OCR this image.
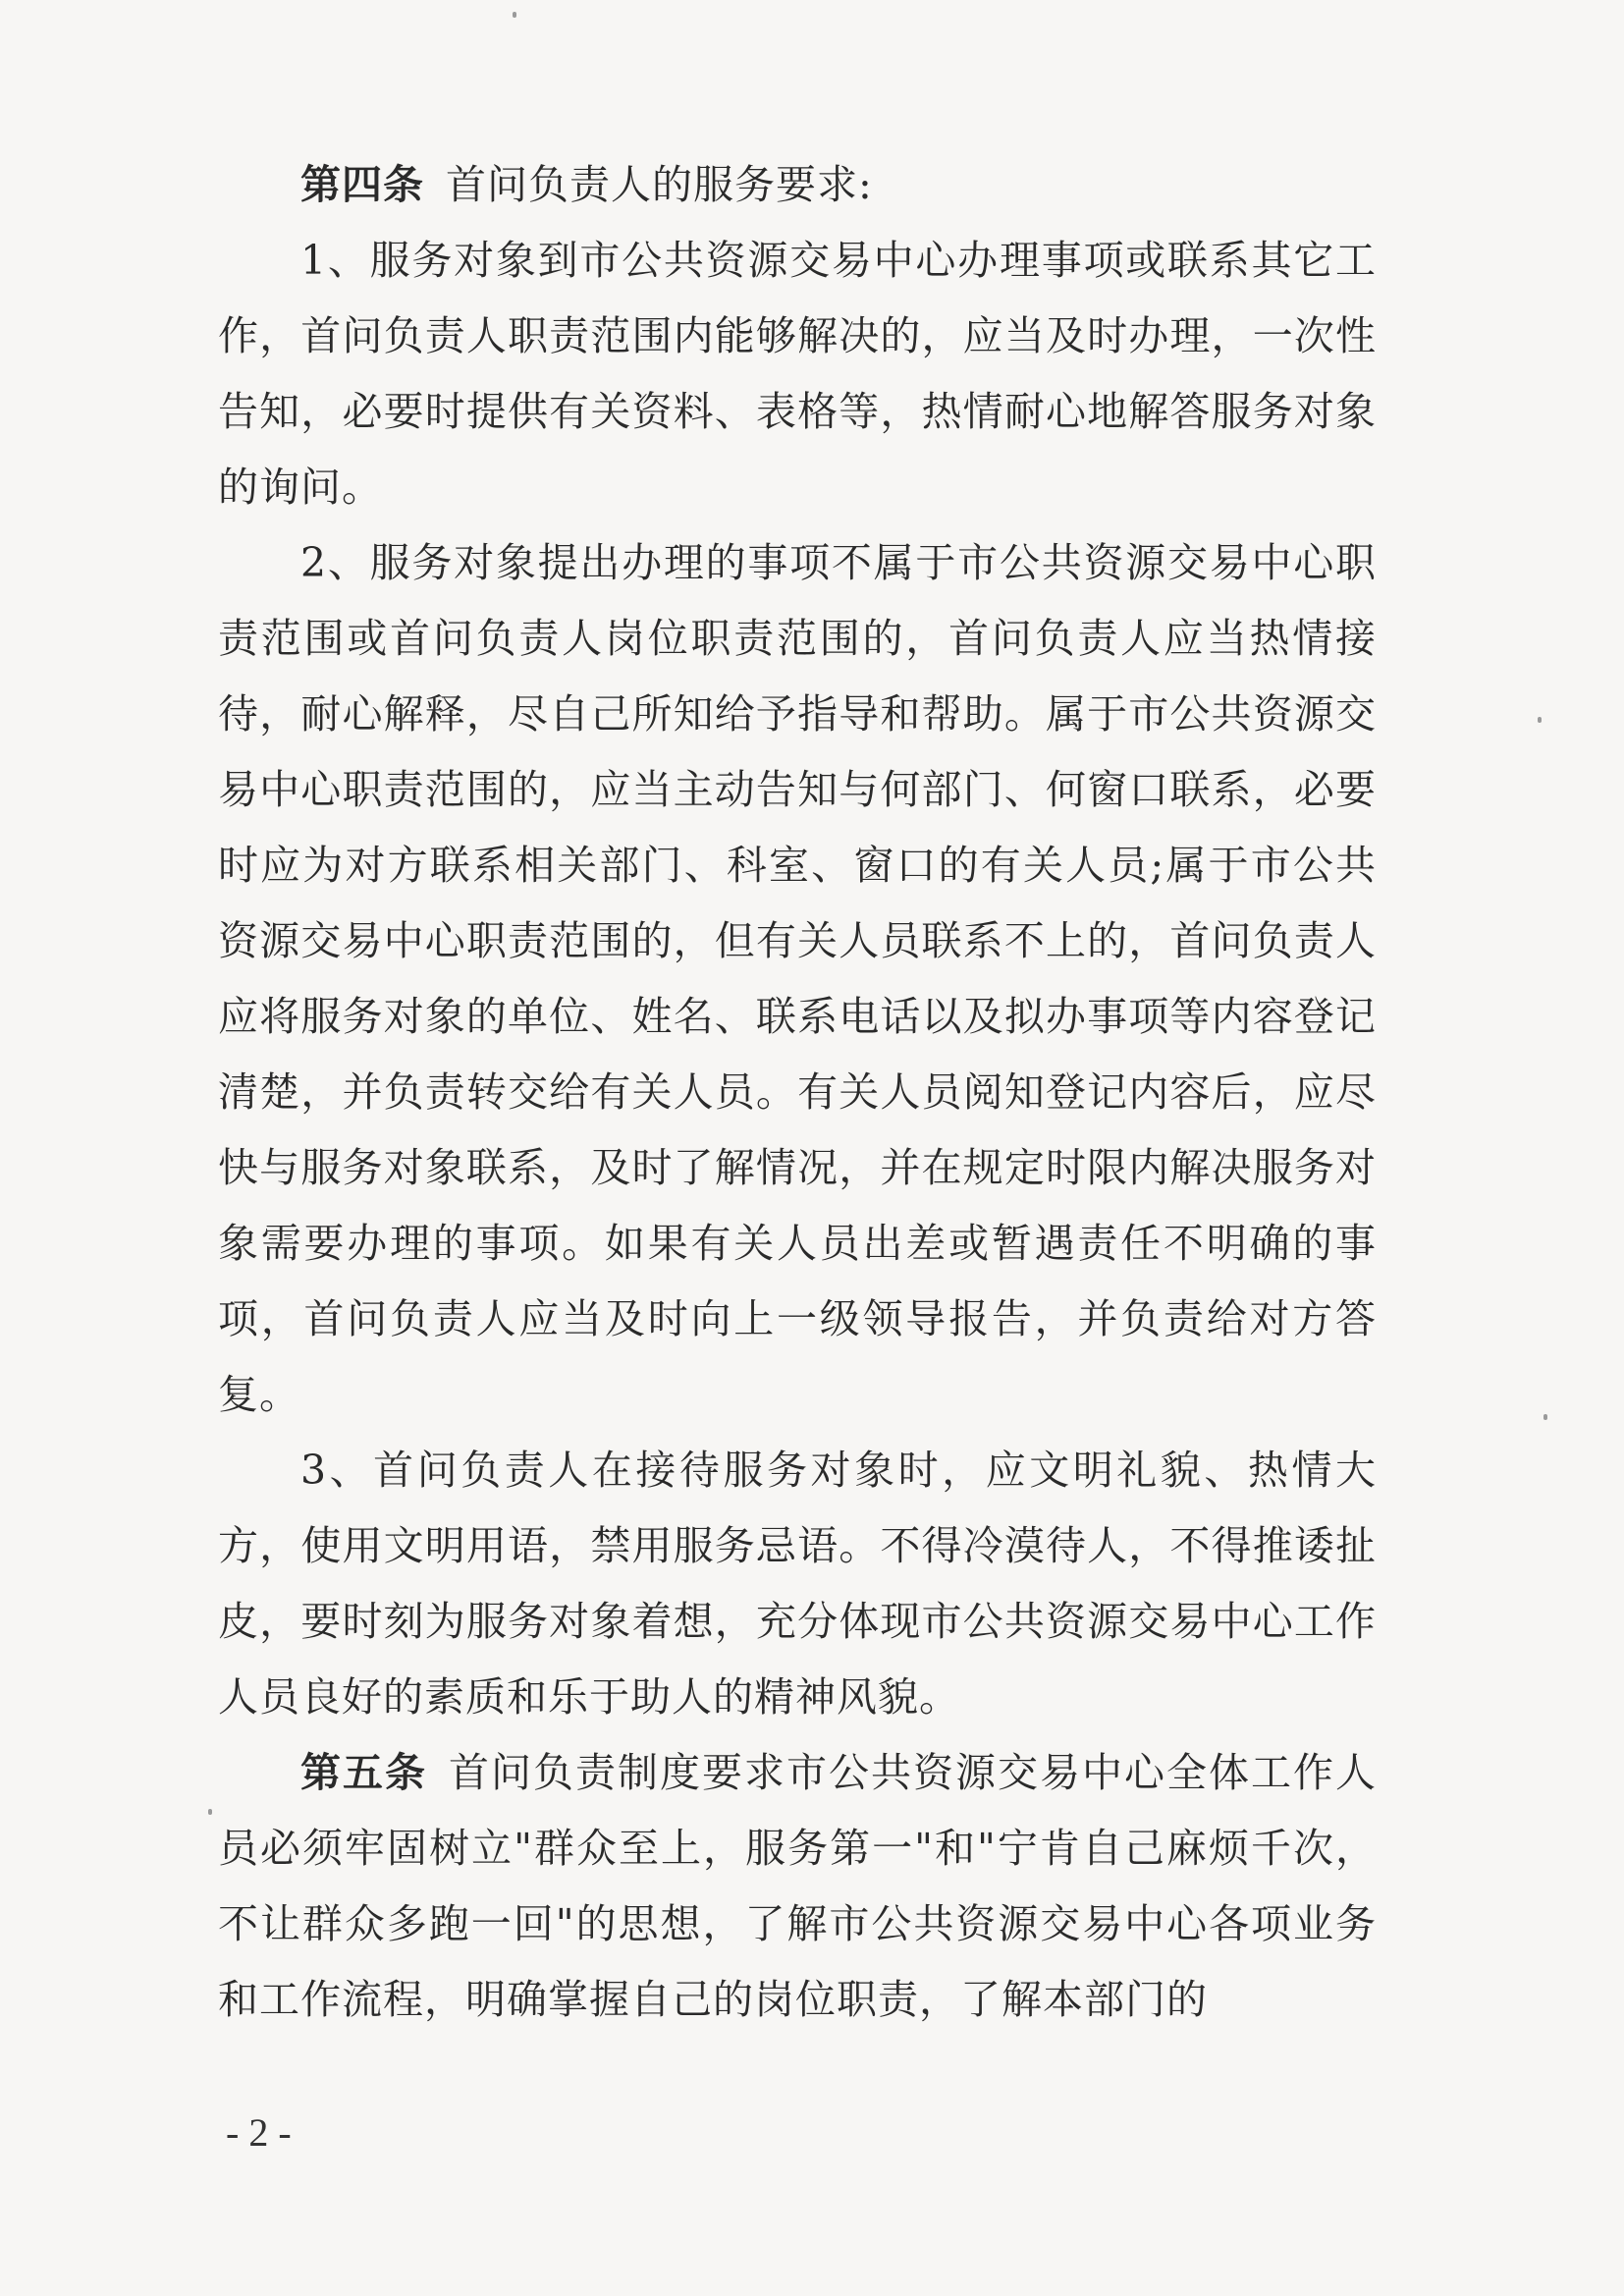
第四条 首问负责人的服务要求:

1、服务对象到市公共资源交易中心办理事项或联系其它工作，首问负责人职责范围内能够解决的，应当及时办理，一次性告知，必要时提供有关资料、表格等，热情耐心地解答服务对象的询问。

2、服务对象提出办理的事项不属于市公共资源交易中心职责范围或首问负责人岗位职责范围的，首问负责人应当热情接待，耐心解释，尽自己所知给予指导和帮助。属于市公共资源交易中心职责范围的，应当主动告知与何部门、何窗口联系，必要时应为对方联系相关部门、科室、窗口的有关人员;属于市公共资源交易中心职责范围的，但有关人员联系不上的，首问负责人应将服务对象的单位、姓名、联系电话以及拟办事项等内容登记清楚，并负责转交给有关人员。有关人员阅知登记内容后，应尽快与服务对象联系，及时了解情况，并在规定时限内解决服务对象需要办理的事项。如果有关人员出差或暂遇责任不明确的事项，首问负责人应当及时向上一级领导报告，并负责给对方答复。

3、首问负责人在接待服务对象时，应文明礼貌、热情大方，使用文明用语，禁用服务忌语。不得冷漠待人，不得推诿扯皮，要时刻为服务对象着想，充分体现市公共资源交易中心工作人员良好的素质和乐于助人的精神风貌。

第五条 首问负责制度要求市公共资源交易中心全体工作人员必须牢固树立"群众至上，服务第一"和"宁肯自己麻烦千次，不让群众多跑一回"的思想，了解市公共资源交易中心各项业务和工作流程，明确掌握自己的岗位职责，了解本部门的

- 2 -
